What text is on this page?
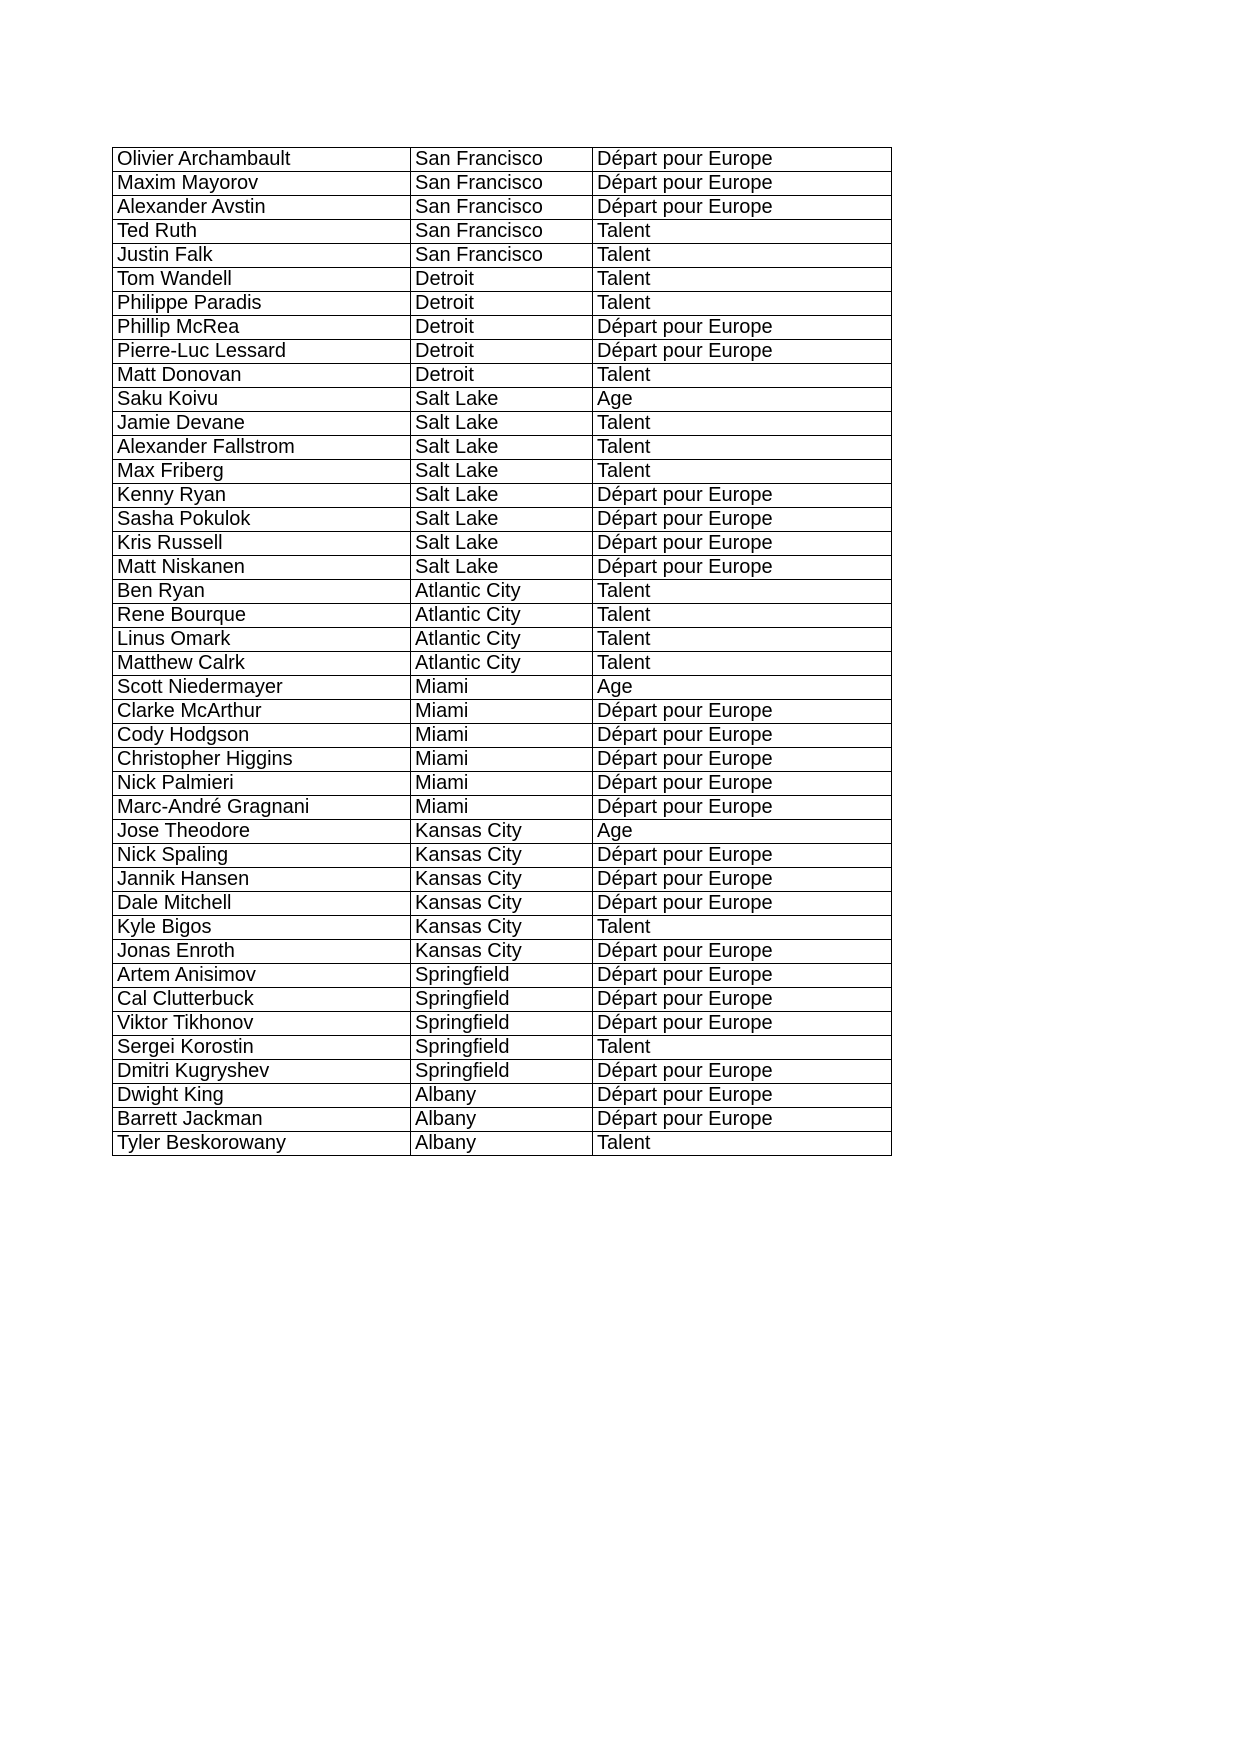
Olivier Archambault	San Francisco	Départ pour Europe
Maxim Mayorov	San Francisco	Départ pour Europe
Alexander Avstin	San Francisco	Départ pour Europe
Ted Ruth	San Francisco	Talent
Justin Falk	San Francisco	Talent
Tom Wandell	Detroit	Talent
Philippe Paradis	Detroit	Talent
Phillip McRea	Detroit	Départ pour Europe
Pierre-Luc Lessard	Detroit	Départ pour Europe
Matt Donovan	Detroit	Talent
Saku Koivu	Salt Lake	Age
Jamie Devane	Salt Lake	Talent
Alexander Fallstrom	Salt Lake	Talent
Max Friberg	Salt Lake	Talent
Kenny Ryan	Salt Lake	Départ pour Europe
Sasha Pokulok	Salt Lake	Départ pour Europe
Kris Russell	Salt Lake	Départ pour Europe
Matt Niskanen	Salt Lake	Départ pour Europe
Ben Ryan	Atlantic City	Talent
Rene Bourque	Atlantic City	Talent
Linus Omark	Atlantic City	Talent
Matthew Calrk	Atlantic City	Talent
Scott Niedermayer	Miami	Age
Clarke McArthur	Miami	Départ pour Europe
Cody Hodgson	Miami	Départ pour Europe
Christopher Higgins	Miami	Départ pour Europe
Nick Palmieri	Miami	Départ pour Europe
Marc-André Gragnani	Miami	Départ pour Europe
Jose Theodore	Kansas City	Age
Nick Spaling	Kansas City	Départ pour Europe
Jannik Hansen	Kansas City	Départ pour Europe
Dale Mitchell	Kansas City	Départ pour Europe
Kyle Bigos	Kansas City	Talent
Jonas Enroth	Kansas City	Départ pour Europe
Artem Anisimov	Springfield	Départ pour Europe
Cal Clutterbuck	Springfield	Départ pour Europe
Viktor Tikhonov	Springfield	Départ pour Europe
Sergei Korostin	Springfield	Talent
Dmitri Kugryshev	Springfield	Départ pour Europe
Dwight King	Albany	Départ pour Europe
Barrett Jackman	Albany	Départ pour Europe
Tyler Beskorowany	Albany	Talent
